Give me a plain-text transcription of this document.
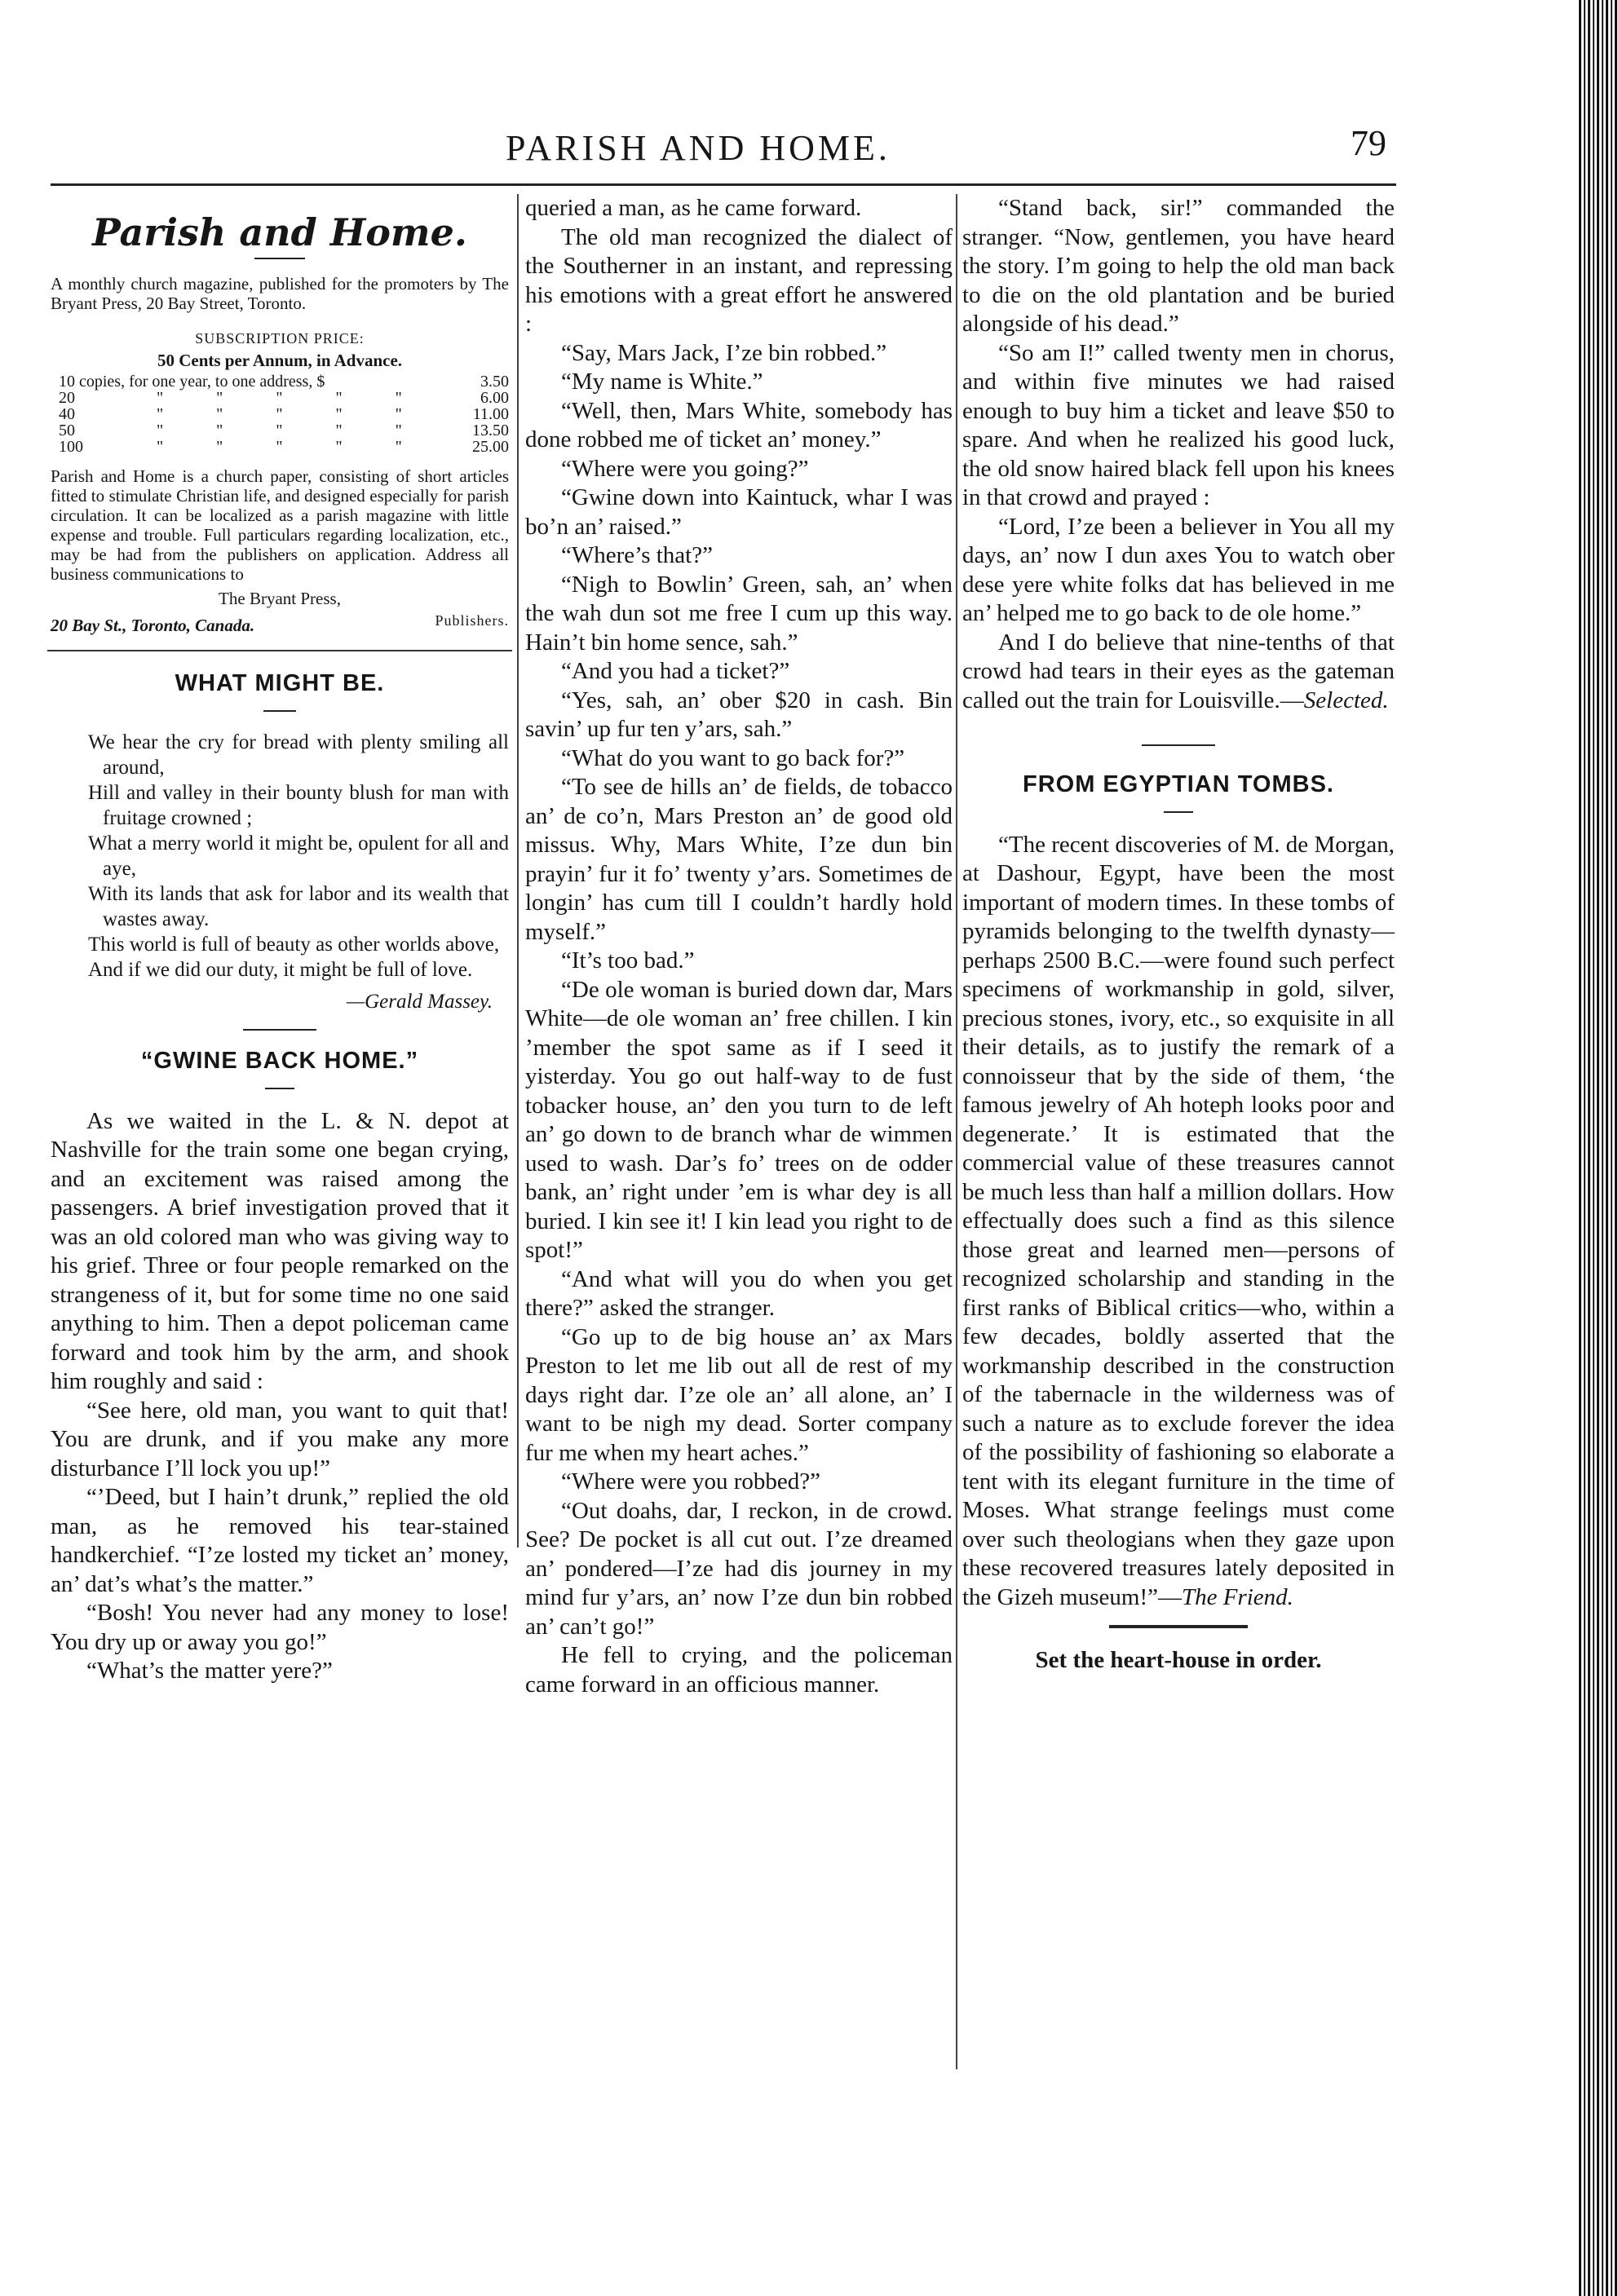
PARISH AND HOME.	79
Parish and Home.
A monthly church magazine, published for the promoters by The Bryant Press, 20 Bay Street, Toronto.
SUBSCRIPTION PRICE:
50 Cents per Annum, in Advance.
10 copies, for one year, to one address, $	3.50
20	" " " " "	6.00
40	" " " " "	11.00
50	" " " " "	13.50
100	" " " " "	25.00
Parish and Home is a church paper, consisting of short articles fitted to stimulate Christian life, and designed especially for parish circulation. It can be localized as a parish magazine with little expense and trouble. Full particulars regarding localization, etc., may be had from the publishers on application. Address all business communications to
The Bryant Press,
20 Bay St., Toronto, Canada.	Publishers.
WHAT MIGHT BE.

We hear the cry for bread with plenty smiling all around,

Hill and valley in their bounty blush for man with fruitage crowned ;

What a merry world it might be, opulent for all and aye,

With its lands that ask for labor and its wealth that wastes away.

This world is full of beauty as other worlds above,

And if we did our duty, it might be full of love.

—Gerald Massey.
“GWINE BACK HOME.”

As we waited in the L. & N. depot at Nashville for the train some one began crying, and an excitement was raised among the passengers. A brief investigation proved that it was an old colored man who was giving way to his grief. Three or four people remarked on the strangeness of it, but for some time no one said anything to him. Then a depot policeman came forward and took him by the arm, and shook him roughly and said :

“See here, old man, you want to quit that! You are drunk, and if you make any more disturbance I’ll lock you up!”

“’Deed, but I hain’t drunk,” replied the old man, as he removed his tear-stained handkerchief. “I’ze losted my ticket an’ money, an’ dat’s what’s the matter.”

“Bosh! You never had any money to lose! You dry up or away you go!”

“What’s the matter yere?”

queried a man, as he came forward.

The old man recognized the dialect of the Southerner in an instant, and repressing his emotions with a great effort he answered :

“Say, Mars Jack, I’ze bin robbed.”

“My name is White.”

“Well, then, Mars White, somebody has done robbed me of ticket an’ money.”

“Where were you going?”

“Gwine down into Kaintuck, whar I was bo’n an’ raised.”

“Where’s that?”

“Nigh to Bowlin’ Green, sah, an’ when the wah dun sot me free I cum up this way. Hain’t bin home sence, sah.”

“And you had a ticket?”

“Yes, sah, an’ ober $20 in cash. Bin savin’ up fur ten y’ars, sah.”

“What do you want to go back for?”

“To see de hills an’ de fields, de tobacco an’ de co’n, Mars Preston an’ de good old missus. Why, Mars White, I’ze dun bin prayin’ fur it fo’ twenty y’ars. Sometimes de longin’ has cum till I couldn’t hardly hold myself.”

“It’s too bad.”

“De ole woman is buried down dar, Mars White—de ole woman an’ free chillen. I kin ’member the spot same as if I seed it yisterday. You go out half-way to de fust tobacker house, an’ den you turn to de left an’ go down to de branch whar de wimmen used to wash. Dar’s fo’ trees on de odder bank, an’ right under ’em is whar dey is all buried. I kin see it! I kin lead you right to de spot!”

“And what will you do when you get there?” asked the stranger.

“Go up to de big house an’ ax Mars Preston to let me lib out all de rest of my days right dar. I’ze ole an’ all alone, an’ I want to be nigh my dead. Sorter company fur me when my heart aches.”

“Where were you robbed?”

“Out doahs, dar, I reckon, in de crowd. See? De pocket is all cut out. I’ze dreamed an’ pondered—I’ze had dis journey in my mind fur y’ars, an’ now I’ze dun bin robbed an’ can’t go!”

He fell to crying, and the policeman came forward in an officious manner.

“Stand back, sir!” commanded the stranger. “Now, gentlemen, you have heard the story. I’m going to help the old man back to die on the old plantation and be buried alongside of his dead.”

“So am I!” called twenty men in chorus, and within five minutes we had raised enough to buy him a ticket and leave $50 to spare. And when he realized his good luck, the old snow haired black fell upon his knees in that crowd and prayed :

“Lord, I’ze been a believer in You all my days, an’ now I dun axes You to watch ober dese yere white folks dat has believed in me an’ helped me to go back to de ole home.”

And I do believe that nine-tenths of that crowd had tears in their eyes as the gateman called out the train for Louisville.—Selected.

FROM EGYPTIAN TOMBS.

“The recent discoveries of M. de Morgan, at Dashour, Egypt, have been the most important of modern times. In these tombs of pyramids belonging to the twelfth dynasty—perhaps 2500 B.C.—were found such perfect specimens of workmanship in gold, silver, precious stones, ivory, etc., so exquisite in all their details, as to justify the remark of a connoisseur that by the side of them, ‘the famous jewelry of Ah hoteph looks poor and degenerate.’ It is estimated that the commercial value of these treasures cannot be much less than half a million dollars. How effectually does such a find as this silence those great and learned men—persons of recognized scholarship and standing in the first ranks of Biblical critics—who, within a few decades, boldly asserted that the workmanship described in the construction of the tabernacle in the wilderness was of such a nature as to exclude forever the idea of the possibility of fashioning so elaborate a tent with its elegant furniture in the time of Moses. What strange feelings must come over such theologians when they gaze upon these recovered treasures lately deposited in the Gizeh museum!”—The Friend.

Set the heart-house in order.
